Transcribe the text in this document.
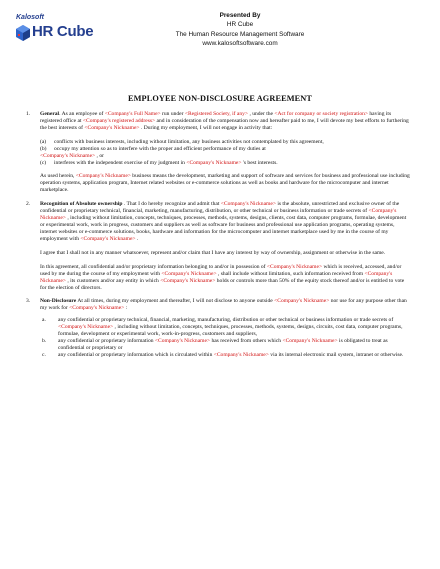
Kalosoft
HR Cube
Presented By
HR Cube
The Human Resource Management Software
www.kalosoftsoftware.com
EMPLOYEE NON-DISCLOSURE AGREEMENT
1. General. As an employee of <Company's Full Name> run under <Registered Society, if any> , under the <Act for company or society registration> having its registered office at <Company's registered address> and in consideration of the compensation now and hereafter paid to me, I will devote my best efforts to furthering the best interests of <Company's Nickname> . During my employment, I will not engage in activity that:

(a) conflicts with business interests, including without limitation, any business activities not contemplated by this agreement,

(b) occupy my attention so as to interfere with the proper and efficient performance of my duties at
<Company's Nickname> , or

(c) interferes with the independent exercise of my judgment in <Company's Nickname> 's best interests.

As used herein, <Company's Nickname> business means the development, marketing and support of software and services for business and professional use including operation systems, application program, Internet related websites or e-commerce solutions as well as books and hardware for the microcomputer and internet marketplace.

2. Recognition of Absolute ownership . That I do hereby recognize and admit that <Company's Nickname> is the absolute, unrestricted and exclusive owner of the confidential or proprietary technical, financial, marketing, manufacturing, distribution, or other technical or business information or trade secrets of <Company's Nickname> , including without limitation, concepts, techniques, processes, methods, systems, designs, clients, cost data, computer programs, formulae, development or experimental work, work in progress, customers and suppliers as well as software for business and professional use application programs, operating systems, internet websites or e-commerce solutions, books, hardware and information for the microcomputer and internet marketplace used by me in the course of my employment with <Company's Nickname> .

I agree that I shall not in any manner whatsoever, represent and/or claim that I have any interest by way of ownership, assignment or otherwise in the same.

In this agreement, all confidential and/or proprietary information belonging to and/or in possession of <Company's Nickname> which is received, accessed, and/or used by me during the course of my employment with <Company's Nickname> , shall include without limitation, such information received from <Company's Nickname> , its customers and/or any entity in which <Company's Nickname> holds or controls more than 50% of the equity stock thereof and/or is entitled to vote for the election of directors.

3. Non-Disclosure At all times, during my employment and thereafter, I will not disclose to anyone outside <Company's Nickname> nor use for any purpose other than my work for <Company's Nickname> :

a. any confidential or proprietary technical, financial, marketing, manufacturing, distribution or other technical or business information or trade secrets of <Company's Nickname> , including without limitation, concepts, techniques, processes, methods, systems, designs, circuits, cost data, computer programs, formulae, development or experimental work, work-in-progress, customers and suppliers,

b. any confidential or proprietary information <Company's Nickname> has received from others which <Company's Nickname> is obligated to treat as confidential or proprietary or

c. any confidential or proprietary information which is circulated within <Company's Nickname> via its internal electronic mail system, intranet or otherwise.
